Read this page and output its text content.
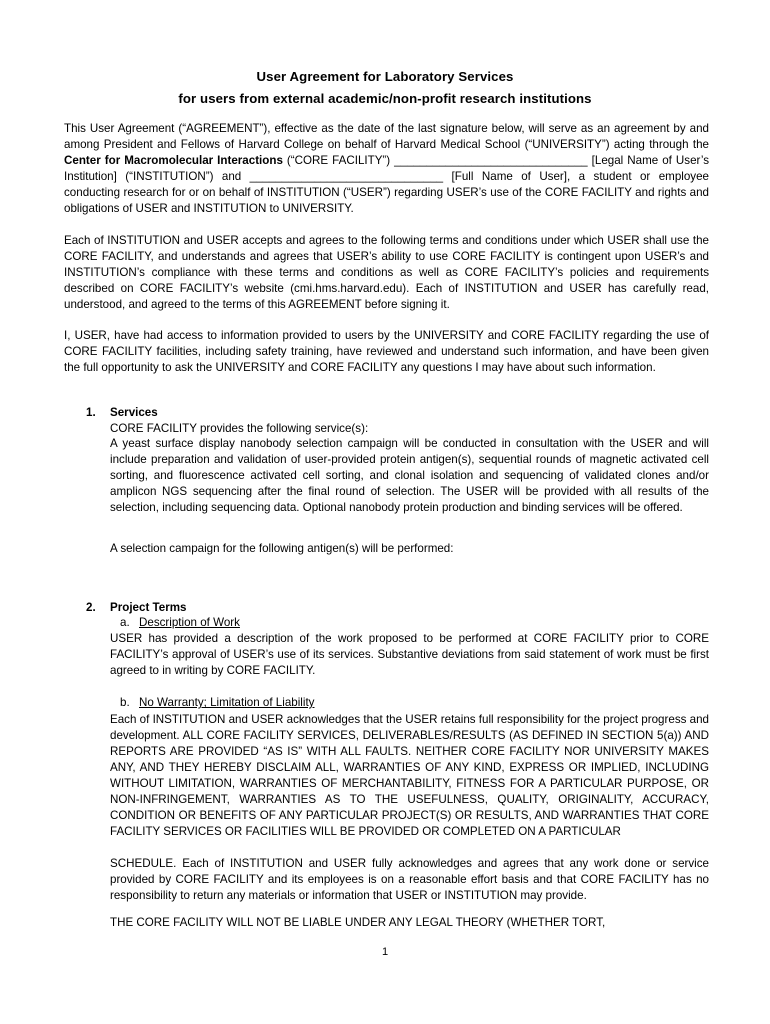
User Agreement for Laboratory Services
for users from external academic/non-profit research institutions
This User Agreement (“AGREEMENT”), effective as the date of the last signature below, will serve as an agreement by and among President and Fellows of Harvard College on behalf of Harvard Medical School (“UNIVERSITY”) acting through the Center for Macromolecular Interactions (“CORE FACILITY”) ______________________________ [Legal Name of User’s Institution] (“INSTITUTION”) and ______________________________ [Full Name of User], a student or employee conducting research for or on behalf of INSTITUTION (“USER”) regarding USER’s use of the CORE FACILITY and rights and obligations of USER and INSTITUTION to UNIVERSITY.
Each of INSTITUTION and USER accepts and agrees to the following terms and conditions under which USER shall use the CORE FACILITY, and understands and agrees that USER’s ability to use CORE FACILITY is contingent upon USER’s and INSTITUTION’s compliance with these terms and conditions as well as CORE FACILITY’s policies and requirements described on CORE FACILITY’s website (cmi.hms.harvard.edu). Each of INSTITUTION and USER has carefully read, understood, and agreed to the terms of this AGREEMENT before signing it.
I, USER, have had access to information provided to users by the UNIVERSITY and CORE FACILITY regarding the use of CORE FACILITY facilities, including safety training, have reviewed and understand such information, and have been given the full opportunity to ask the UNIVERSITY and CORE FACILITY any questions I may have about such information.
1. Services
CORE FACILITY provides the following service(s):
A yeast surface display nanobody selection campaign will be conducted in consultation with the USER and will include preparation and validation of user-provided protein antigen(s), sequential rounds of magnetic activated cell sorting, and fluorescence activated cell sorting, and clonal isolation and sequencing of validated clones and/or amplicon NGS sequencing after the final round of selection. The USER will be provided with all results of the selection, including sequencing data. Optional nanobody protein production and binding services will be offered.
A selection campaign for the following antigen(s) will be performed:
2. Project Terms
a. Description of Work
USER has provided a description of the work proposed to be performed at CORE FACILITY prior to CORE FACILITY’s approval of USER’s use of its services. Substantive deviations from said statement of work must be first agreed to in writing by CORE FACILITY.
b. No Warranty; Limitation of Liability
Each of INSTITUTION and USER acknowledges that the USER retains full responsibility for the project progress and development. ALL CORE FACILITY SERVICES, DELIVERABLES/RESULTS (AS DEFINED IN SECTION 5(a)) AND REPORTS ARE PROVIDED “AS IS” WITH ALL FAULTS. NEITHER CORE FACILITY NOR UNIVERSITY MAKES ANY, AND THEY HEREBY DISCLAIM ALL, WARRANTIES OF ANY KIND, EXPRESS OR IMPLIED, INCLUDING WITHOUT LIMITATION, WARRANTIES OF MERCHANTABILITY, FITNESS FOR A PARTICULAR PURPOSE, OR NON-INFRINGEMENT, WARRANTIES AS TO THE USEFULNESS, QUALITY, ORIGINALITY, ACCURACY, CONDITION OR BENEFITS OF ANY PARTICULAR PROJECT(S) OR RESULTS, AND WARRANTIES THAT CORE FACILITY SERVICES OR FACILITIES WILL BE PROVIDED OR COMPLETED ON A PARTICULAR
SCHEDULE. Each of INSTITUTION and USER fully acknowledges and agrees that any work done or service provided by CORE FACILITY and its employees is on a reasonable effort basis and that CORE FACILITY has no responsibility to return any materials or information that USER or INSTITUTION may provide.
THE CORE FACILITY WILL NOT BE LIABLE UNDER ANY LEGAL THEORY (WHETHER TORT,
1
